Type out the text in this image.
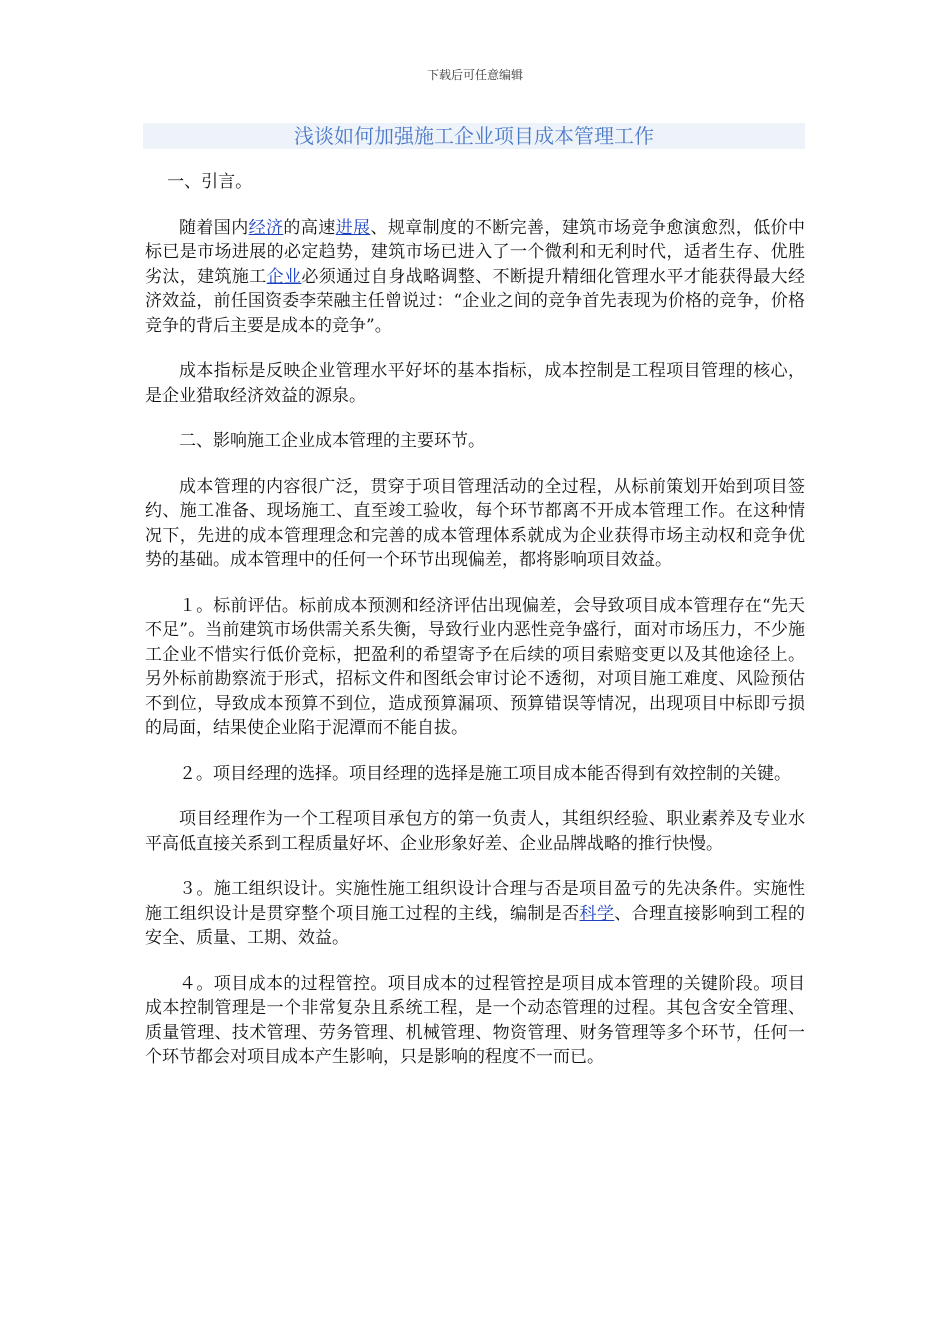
下载后可任意编辑
浅谈如何加强施工企业项目成本管理工作

一、引言。

随着国内经济的高速进展、规章制度的不断完善，建筑市场竞争愈演愈烈，低价中标已是市场进展的必定趋势，建筑市场已进入了一个微利和无利时代，适者生存、优胜劣汰，建筑施工企业必须通过自身战略调整、不断提升精细化管理水平才能获得最大经济效益，前任国资委李荣融主任曾说过：“企业之间的竞争首先表现为价格的竞争，价格竞争的背后主要是成本的竞争”。

成本指标是反映企业管理水平好坏的基本指标，成本控制是工程项目管理的核心，是企业猎取经济效益的源泉。

二、影响施工企业成本管理的主要环节。

成本管理的内容很广泛，贯穿于项目管理活动的全过程，从标前策划开始到项目签约、施工准备、现场施工、直至竣工验收，每个环节都离不开成本管理工作。在这种情况下，先进的成本管理理念和完善的成本管理体系就成为企业获得市场主动权和竞争优势的基础。成本管理中的任何一个环节出现偏差，都将影响项目效益。

１。标前评估。标前成本预测和经济评估出现偏差，会导致项目成本管理存在“先天不足”。当前建筑市场供需关系失衡，导致行业内恶性竞争盛行，面对市场压力，不少施工企业不惜实行低价竞标，把盈利的希望寄予在后续的项目索赔变更以及其他途径上。另外标前勘察流于形式，招标文件和图纸会审讨论不透彻，对项目施工难度、风险预估不到位，导致成本预算不到位，造成预算漏项、预算错误等情况，出现项目中标即亏损的局面，结果使企业陷于泥潭而不能自拔。

２。项目经理的选择。项目经理的选择是施工项目成本能否得到有效控制的关键。

项目经理作为一个工程项目承包方的第一负责人，其组织经验、职业素养及专业水平高低直接关系到工程质量好坏、企业形象好差、企业品牌战略的推行快慢。

３。施工组织设计。实施性施工组织设计合理与否是项目盈亏的先决条件。实施性施工组织设计是贯穿整个项目施工过程的主线，编制是否科学、合理直接影响到工程的安全、质量、工期、效益。

４。项目成本的过程管控。项目成本的过程管控是项目成本管理的关键阶段。项目成本控制管理是一个非常复杂且系统工程，是一个动态管理的过程。其包含安全管理、质量管理、技术管理、劳务管理、机械管理、物资管理、财务管理等多个环节，任何一个环节都会对项目成本产生影响，只是影响的程度不一而已。
